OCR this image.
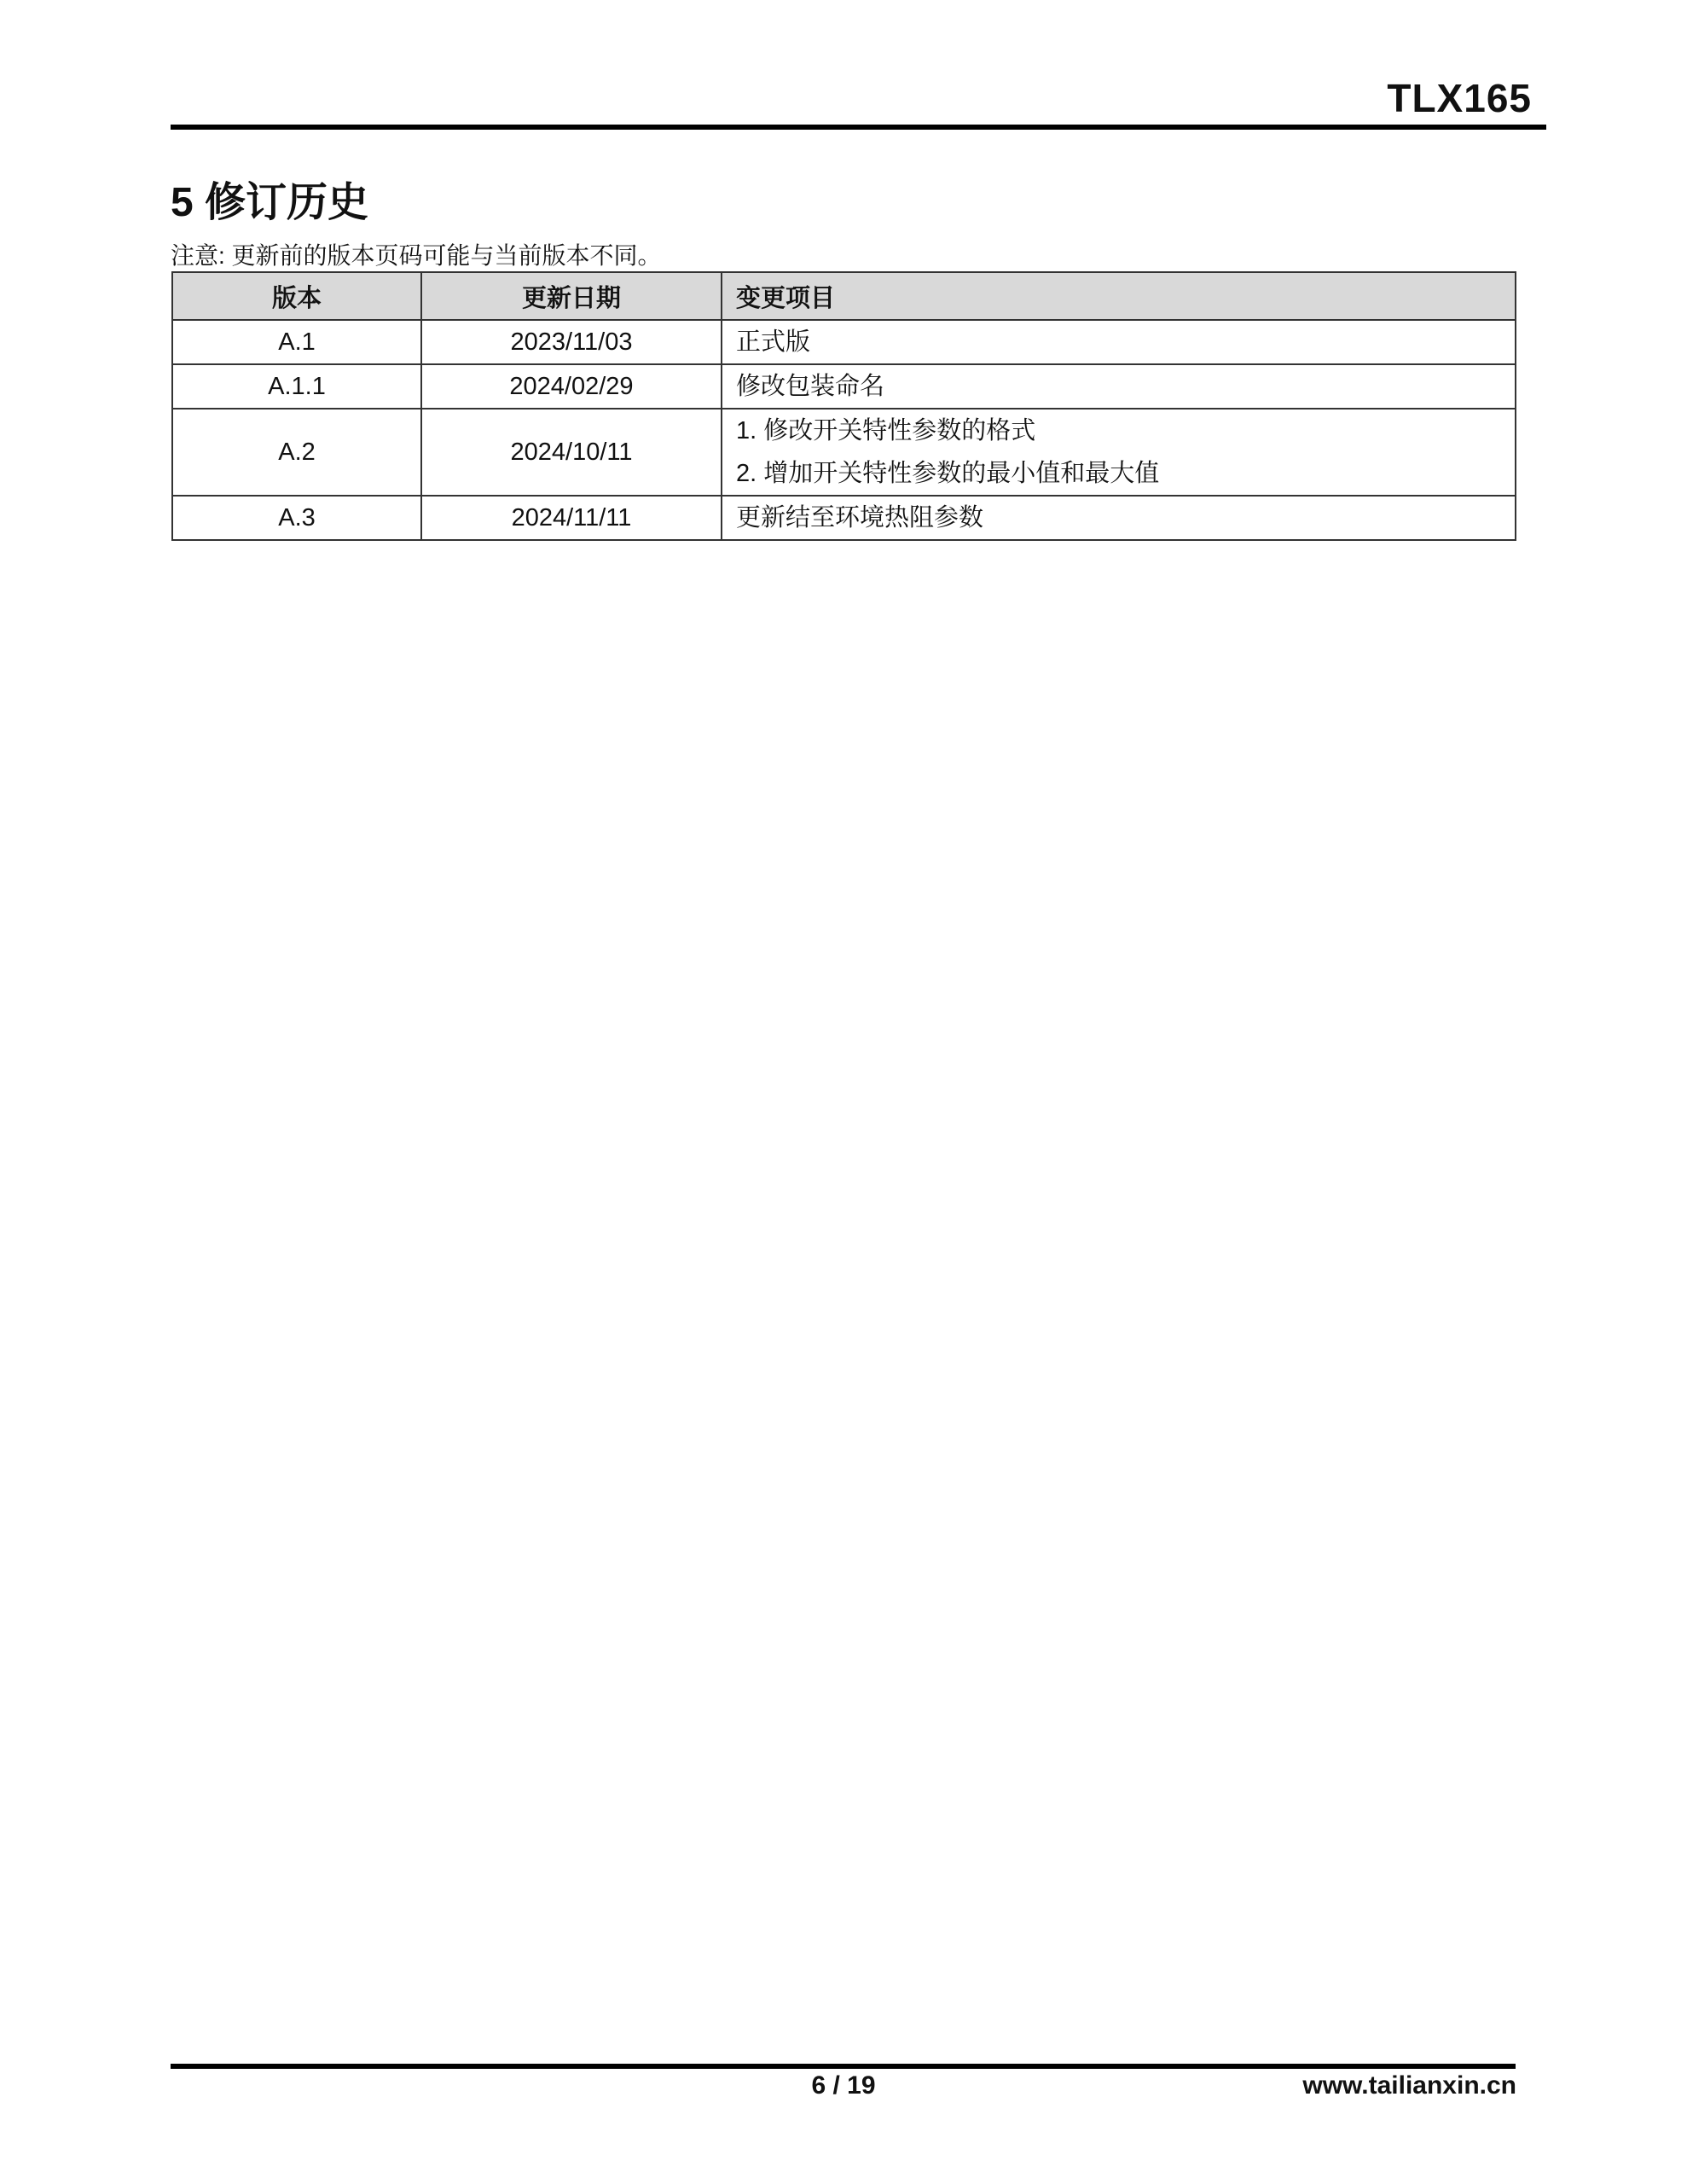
TLX165
5 修订历史
注意: 更新前的版本页码可能与当前版本不同。
版本	更新日期	变更项目
A.1	2023/11/03	正式版

A.1.1	2024/02/29	修改包装命名

A.2	2024/10/11	1. 修改开关特性参数的格式
2. 增加开关特性参数的最小值和最大值

A.3	2024/11/11	更新结至环境热阻参数
6 / 19	www.tailianxin.cn
